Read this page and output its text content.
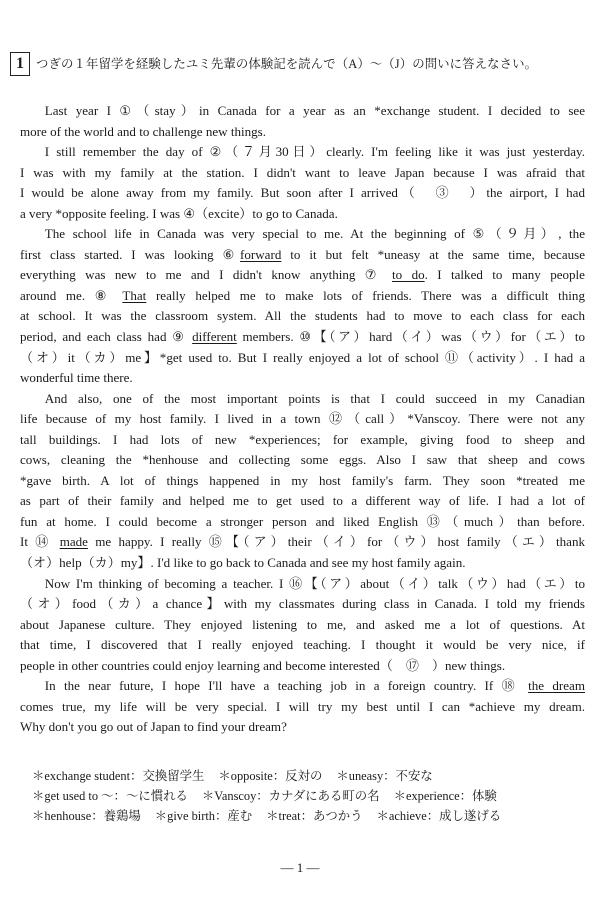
1 つぎの１年留学を経験したユミ先輩の体験記を読んで（A）～（J）の問いに答えなさい。

Last year I ①（stay）in Canada for a year as an *exchange student. I decided to see
more of the world and to challenge new things.

I still remember the day of ②（７月30日）clearly. I'm feeling like it was just yesterday.
I was with my family at the station. I didn't want to leave Japan because I was afraid that
I would be alone away from my family. But soon after I arrived（　③　）the airport, I had
a very *opposite feeling. I was ④（excite）to go to Canada.

The school life in Canada was very special to me. At the beginning of ⑤（９月）, the
first class started. I was looking ⑥forward to it but felt *uneasy at the same time, because
everything was new to me and I didn't know anything ⑦ to do. I talked to many people
around me. ⑧ That really helped me to make lots of friends. There was a difficult thing
at school. It was the classroom system. All the students had to move to each class for each
period, and each class had ⑨ different members. ⑩【（ア）hard（イ）was（ウ）for（エ）to
（オ）it（カ）me】*get used to. But I really enjoyed a lot of school ⑪（activity）. I had a
wonderful time there.

And also, one of the most important points is that I could succeed in my Canadian
life because of my host family. I lived in a town ⑫（call）*Vanscoy. There were not any
tall buildings. I had lots of new *experiences; for example, giving food to sheep and
cows, cleaning the *henhouse and collecting some eggs. Also I saw that sheep and cows
*gave birth. A lot of things happened in my host family's farm. They soon *treated me
as part of their family and helped me to get used to a different way of life. I had a lot of
fun at home. I could become a stronger person and liked English ⑬（much）than before.
It ⑭ made me happy. I really ⑮【（ア）their（イ）for（ウ）host family（エ）thank
（オ）help（カ）my】. I'd like to go back to Canada and see my host family again.

Now I'm thinking of becoming a teacher. I ⑯【（ア）about（イ）talk（ウ）had（エ）to
（オ）food（カ）a chance】with my classmates during class in Canada. I told my friends
about Japanese culture. They enjoyed listening to me, and asked me a lot of questions. At
that time, I discovered that I really enjoyed teaching. I thought it would be very nice, if
people in other countries could enjoy learning and become interested（　⑰　）new things.

In the near future, I hope I'll have a teaching job in a foreign country. If ⑱ the dream
comes true, my life will be very special. I will try my best until I can *achieve my dream.
Why don't you go out of Japan to find your dream?

＊exchange student：交換留学生 ＊opposite：反対の ＊uneasy：不安な
＊get used to ～：～に慣れる ＊Vanscoy：カナダにある町の名 ＊experience：体験
＊henhouse：養鶏場 ＊give birth：産む ＊treat：あつかう ＊achieve：成し遂げる
— 1 —
